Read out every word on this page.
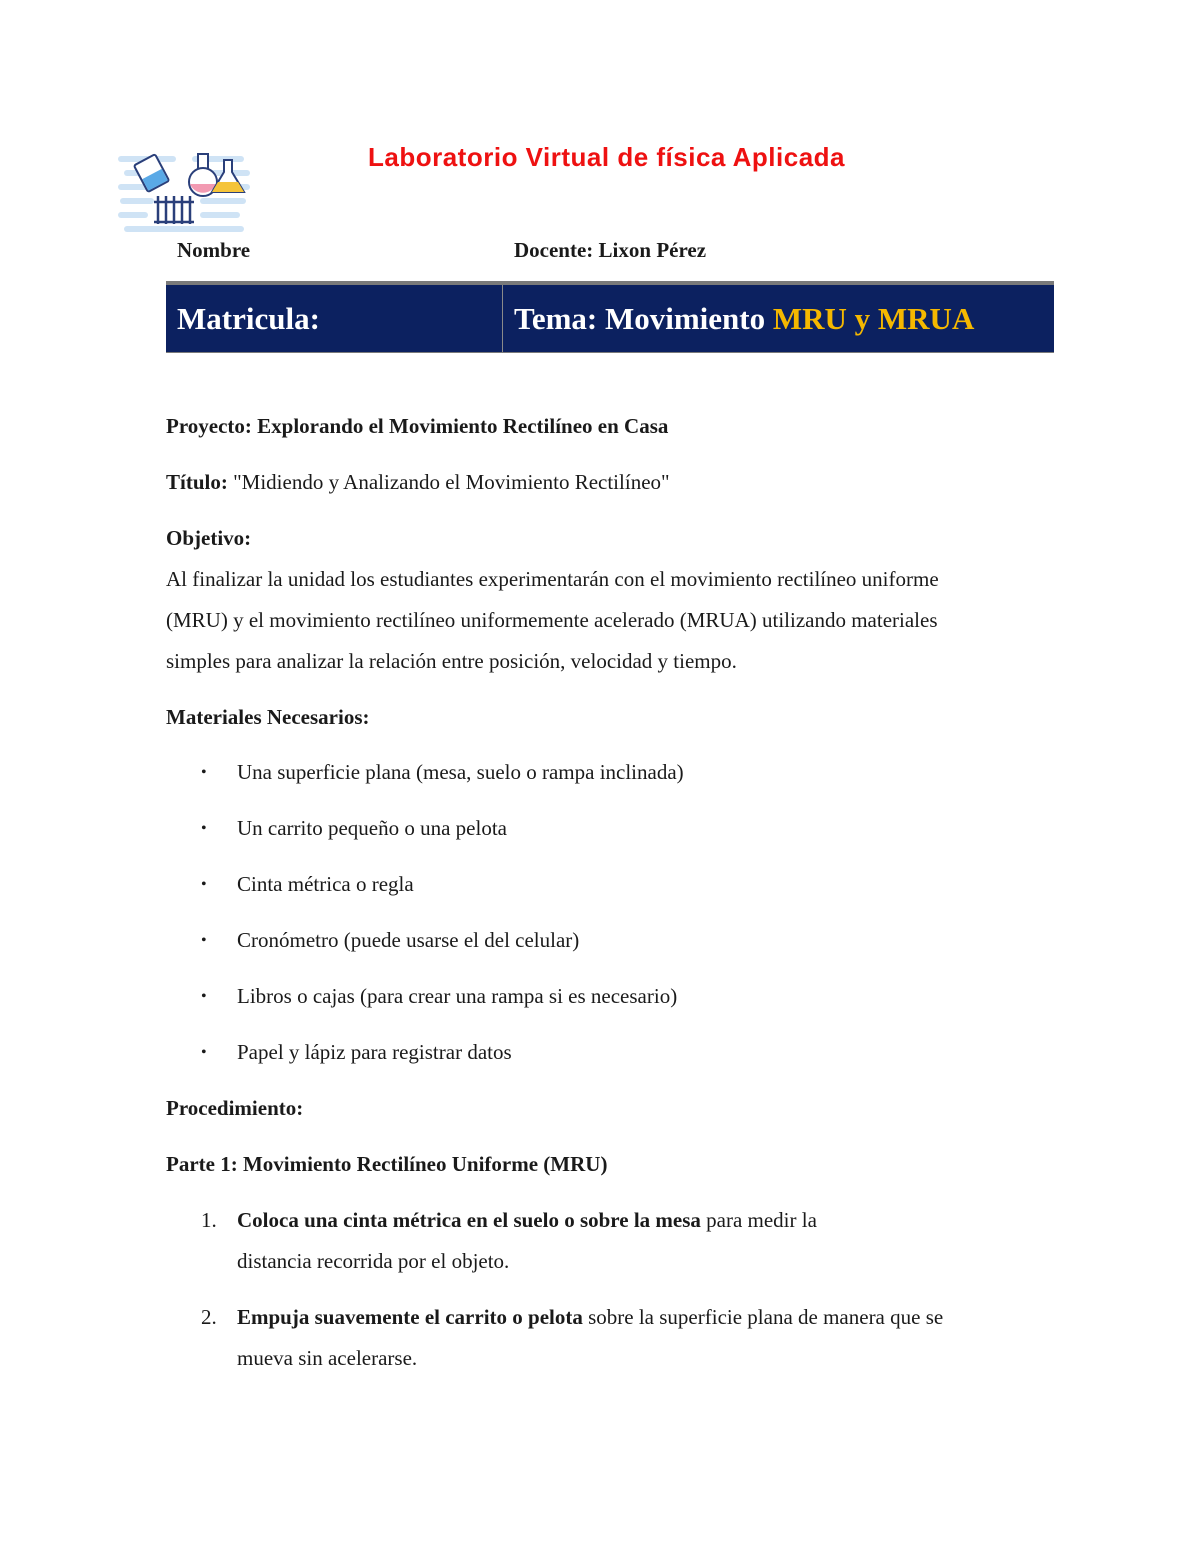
Laboratorio Virtual de física Aplicada
Nombre	Docente: Lixon Pérez
Matricula:	Tema: Movimiento MRU y MRUA
Proyecto: Explorando el Movimiento Rectilíneo en Casa
Título: "Midiendo y Analizando el Movimiento Rectilíneo"
Objetivo:
Al finalizar la unidad los estudiantes experimentarán con el movimiento rectilíneo uniforme
(MRU) y el movimiento rectilíneo uniformemente acelerado (MRUA) utilizando materiales
simples para analizar la relación entre posición, velocidad y tiempo.
Materiales Necesarios:
• Una superficie plana (mesa, suelo o rampa inclinada)
• Un carrito pequeño o una pelota
• Cinta métrica o regla
• Cronómetro (puede usarse el del celular)
• Libros o cajas (para crear una rampa si es necesario)
• Papel y lápiz para registrar datos
Procedimiento:
Parte 1: Movimiento Rectilíneo Uniforme (MRU)
1. Coloca una cinta métrica en el suelo o sobre la mesa para medir la
distancia recorrida por el objeto.
2. Empuja suavemente el carrito o pelota sobre la superficie plana de manera que se
mueva sin acelerarse.
